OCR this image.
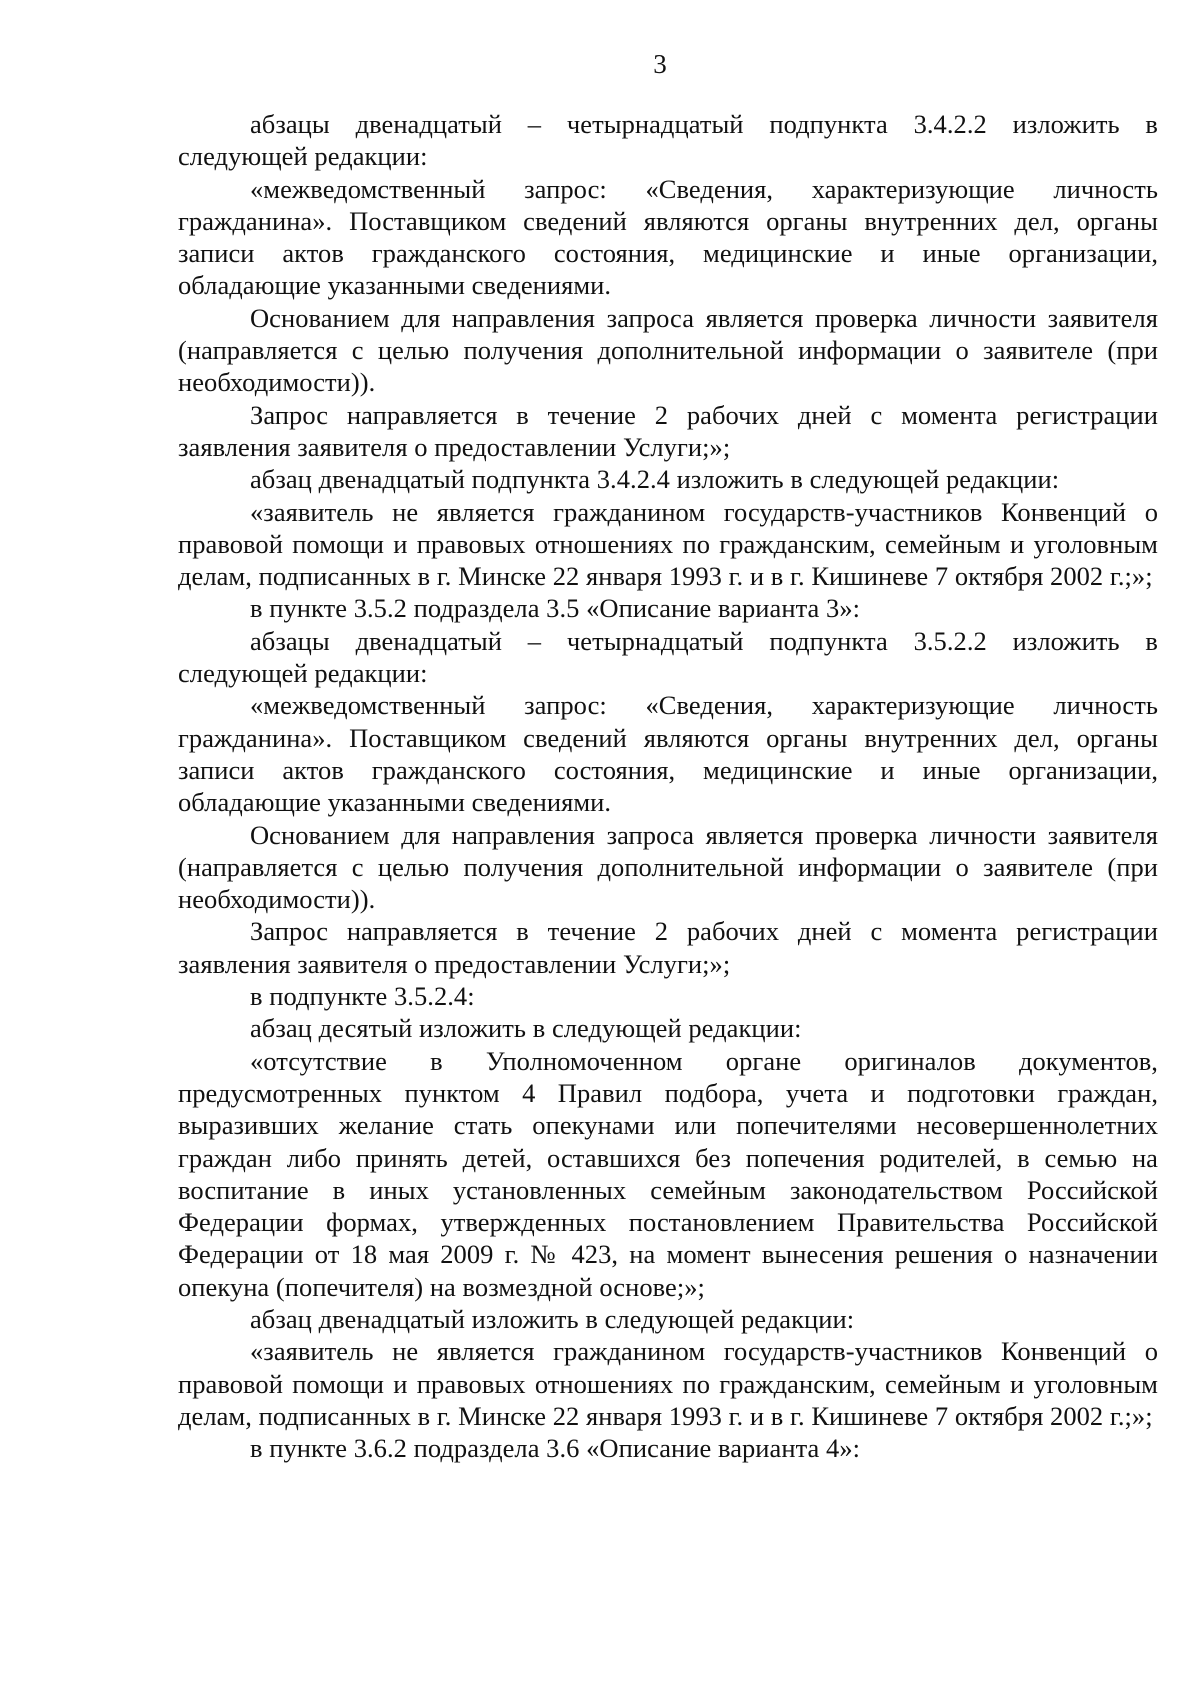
3

абзацы двенадцатый – четырнадцатый подпункта 3.4.2.2 изложить в следующей редакции:

«межведомственный запрос: «Сведения, характеризующие личность гражданина». Поставщиком сведений являются органы внутренних дел, органы записи актов гражданского состояния, медицинские и иные организации, обладающие указанными сведениями.

Основанием для направления запроса является проверка личности заявителя (направляется с целью получения дополнительной информации о заявителе (при необходимости)).

Запрос направляется в течение 2 рабочих дней с момента регистрации заявления заявителя о предоставлении Услуги;»;

абзац двенадцатый подпункта 3.4.2.4 изложить в следующей редакции:

«заявитель не является гражданином государств-участников Конвенций о правовой помощи и правовых отношениях по гражданским, семейным и уголовным делам, подписанных в г. Минске 22 января 1993 г. и в г. Кишиневе 7 октября 2002 г.;»;

в пункте 3.5.2 подраздела 3.5 «Описание варианта 3»:

абзацы двенадцатый – четырнадцатый подпункта 3.5.2.2 изложить в следующей редакции:

«межведомственный запрос: «Сведения, характеризующие личность гражданина». Поставщиком сведений являются органы внутренних дел, органы записи актов гражданского состояния, медицинские и иные организации, обладающие указанными сведениями.

Основанием для направления запроса является проверка личности заявителя (направляется с целью получения дополнительной информации о заявителе (при необходимости)).

Запрос направляется в течение 2 рабочих дней с момента регистрации заявления заявителя о предоставлении Услуги;»;

в подпункте 3.5.2.4:

абзац десятый изложить в следующей редакции:

«отсутствие в Уполномоченном органе оригиналов документов, предусмотренных пунктом 4 Правил подбора, учета и подготовки граждан, выразивших желание стать опекунами или попечителями несовершеннолетних граждан либо принять детей, оставшихся без попечения родителей, в семью на воспитание в иных установленных семейным законодательством Российской Федерации формах, утвержденных постановлением Правительства Российской Федерации от 18 мая 2009 г. № 423, на момент вынесения решения о назначении опекуна (попечителя) на возмездной основе;»;

абзац двенадцатый изложить в следующей редакции:

«заявитель не является гражданином государств-участников Конвенций о правовой помощи и правовых отношениях по гражданским, семейным и уголовным делам, подписанных в г. Минске 22 января 1993 г. и в г. Кишиневе 7 октября 2002 г.;»;

в пункте 3.6.2 подраздела 3.6 «Описание варианта 4»:
